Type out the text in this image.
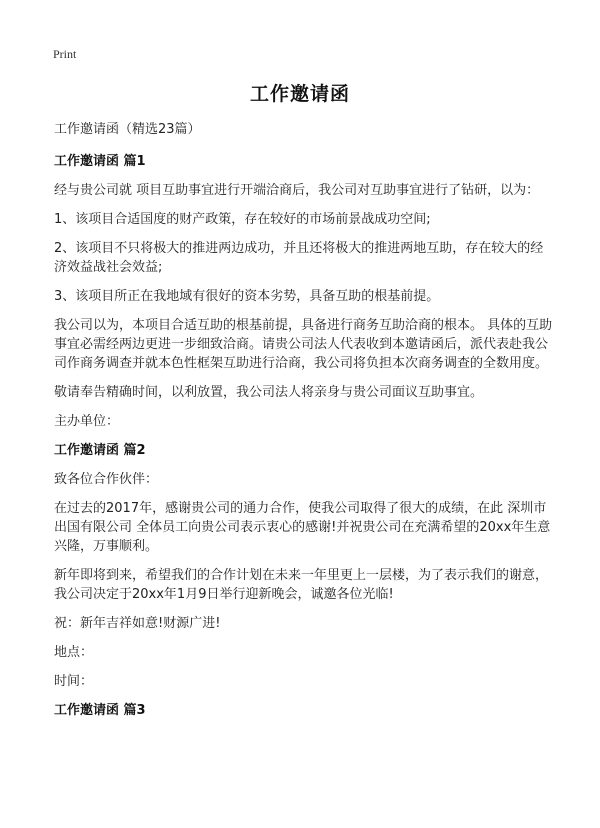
Print
工作邀请函

工作邀请函（精选23篇）

工作邀请函 篇1

经与贵公司就 项目互助事宜进行开端洽商后，我公司对互助事宜进行了钻研，以为：

1、该项目合适国度的财产政策，存在较好的市场前景战成功空间;

2、该项目不只将极大的推进两边成功，并且还将极大的推进两地互助，存在较大的经济效益战社会效益;

3、该项目所正在我地域有很好的资本劣势，具备互助的根基前提。

我公司以为，本项目合适互助的根基前提，具备进行商务互助洽商的根本。 具体的互助事宜必需经两边更进一步细致洽商。请贵公司法人代表收到本邀请函后，派代表赴我公司作商务调查并就本色性框架互助进行洽商，我公司将负担本次商务调查的全数用度。

敬请奉告精确时间，以利放置，我公司法人将亲身与贵公司面议互助事宜。

主办单位：

工作邀请函 篇2

致各位合作伙伴：

在过去的2017年，感谢贵公司的通力合作，使我公司取得了很大的成绩，在此 深圳市出国有限公司 全体员工向贵公司表示衷心的感谢!并祝贵公司在充满希望的20xx年生意兴隆，万事顺利。

新年即将到来，希望我们的合作计划在未来一年里更上一层楼，为了表示我们的谢意，我公司决定于20xx年1月9日举行迎新晚会，诚邀各位光临!

祝：新年吉祥如意!财源广进!

地点：

时间：

工作邀请函 篇3
